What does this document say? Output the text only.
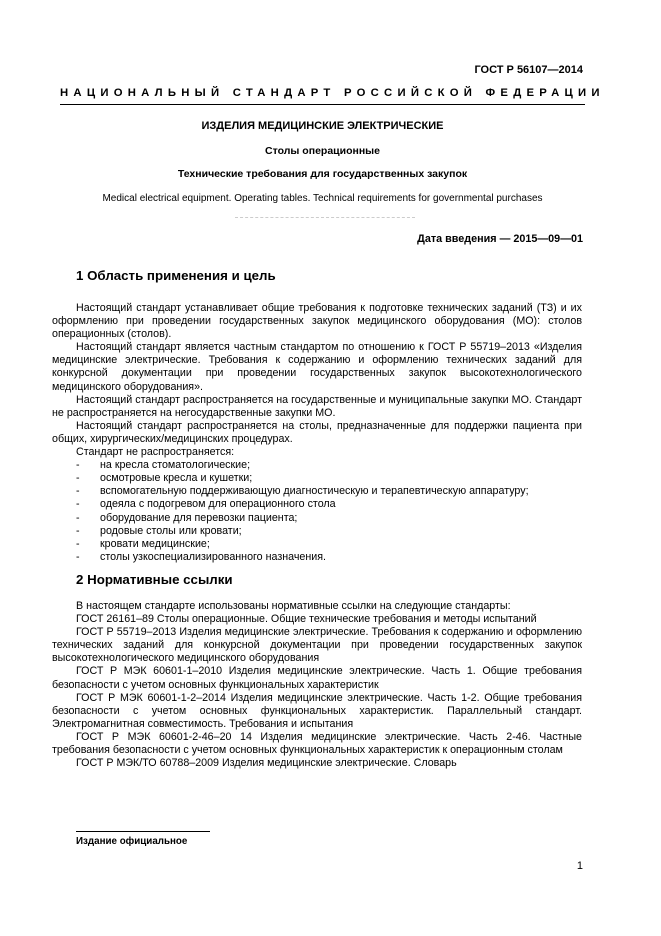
ГОСТ Р 56107—2014
НАЦИОНАЛЬНЫЙ СТАНДАРТ РОССИЙСКОЙ ФЕДЕРАЦИИ
ИЗДЕЛИЯ МЕДИЦИНСКИЕ ЭЛЕКТРИЧЕСКИЕ
Столы операционные
Технические требования для государственных закупок
Medical electrical equipment. Operating tables. Technical requirements for governmental purchases
Дата введения — 2015—09—01
1 Область применения и цель

Настоящий стандарт устанавливает общие требования к подготовке технических заданий (ТЗ) и их оформлению при проведении государственных закупок медицинского оборудования (МО): столов операционных (столов).

Настоящий стандарт является частным стандартом по отношению к ГОСТ Р 55719–2013 «Изделия медицинские электрические. Требования к содержанию и оформлению технических заданий для конкурсной документации при проведении государственных закупок высокотехнологического медицинского оборудования».

Настоящий стандарт распространяется на государственные и муниципальные закупки МО. Стандарт не распространяется на негосударственные закупки МО.

Настоящий стандарт распространяется на столы, предназначенные для поддержки пациента при общих, хирургических/медицинских процедурах.

Стандарт не распространяется:

- на кресла стоматологические;
- осмотровые кресла и кушетки;
- вспомогательную поддерживающую диагностическую и терапевтическую аппаратуру;
- одеяла с подогревом для операционного стола
- оборудование для перевозки пациента;
- родовые столы или кровати;
- кровати медицинские;
- столы узкоспециализированного назначения.
2 Нормативные ссылки

В настоящем стандарте использованы нормативные ссылки на следующие стандарты:

ГОСТ 26161–89 Столы операционные. Общие технические требования и методы испытаний

ГОСТ Р 55719–2013 Изделия медицинские электрические. Требования к содержанию и оформлению технических заданий для конкурсной документации при проведении государственных закупок высокотехнологического медицинского оборудования

ГОСТ Р МЭК 60601-1–2010 Изделия медицинские электрические. Часть 1. Общие требования безопасности с учетом основных функциональных характеристик

ГОСТ Р МЭК 60601-1-2–2014 Изделия медицинские электрические. Часть 1-2. Общие требования безопасности с учетом основных функциональных характеристик. Параллельный стандарт. Электромагнитная совместимость. Требования и испытания

ГОСТ Р МЭК 60601-2-46–20 14 Изделия медицинские электрические. Часть 2-46. Частные требования безопасности с учетом основных функциональных характеристик к операционным столам

ГОСТ Р МЭК/ТО 60788–2009 Изделия медицинские электрические. Словарь

Издание официальное
1
